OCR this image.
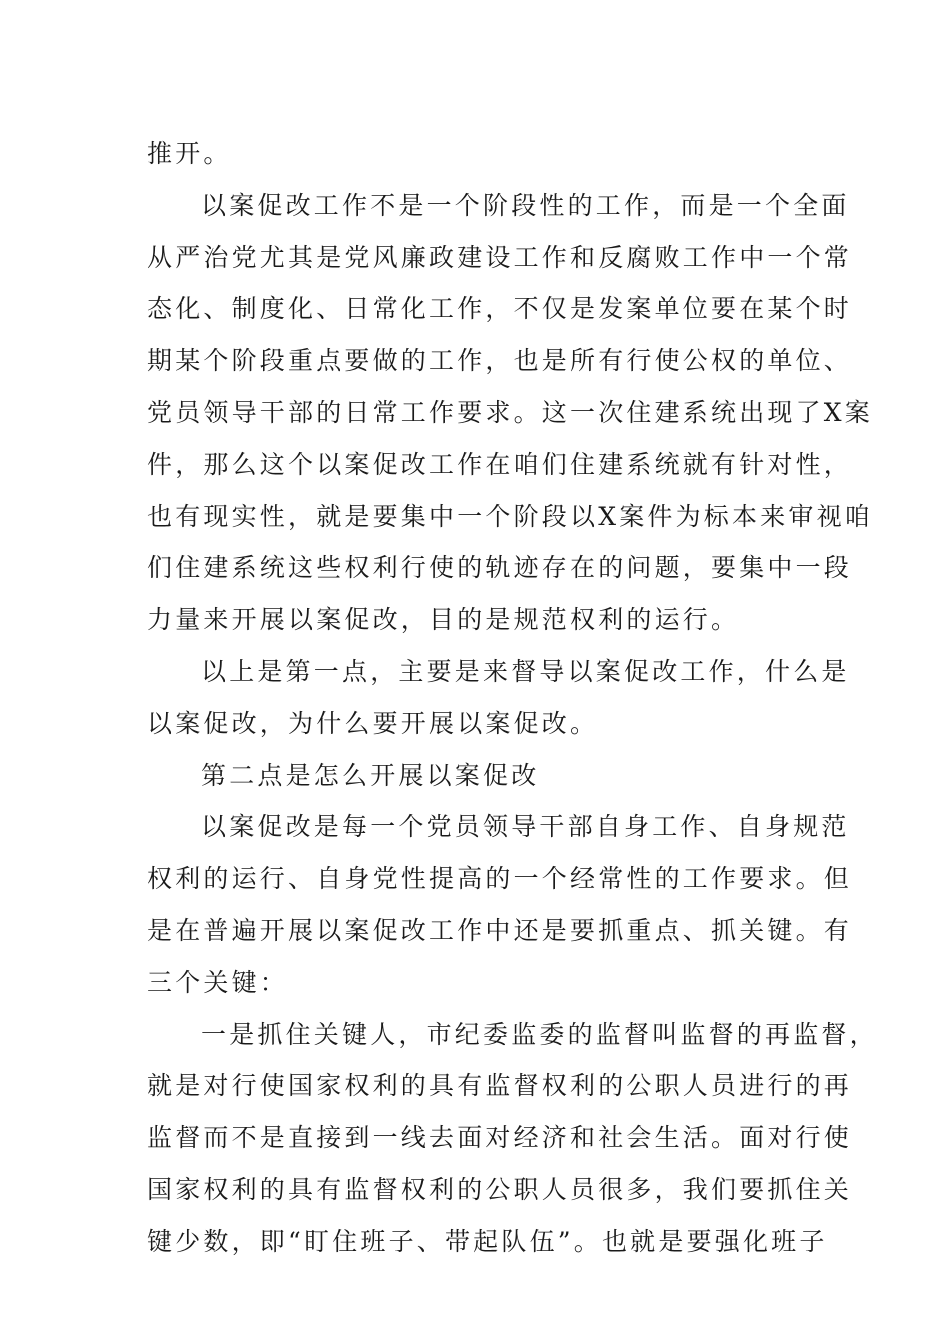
推开。
以案促改工作不是一个阶段性的工作，而是一个全面
从严治党尤其是党风廉政建设工作和反腐败工作中一个常
态化、制度化、日常化工作，不仅是发案单位要在某个时
期某个阶段重点要做的工作，也是所有行使公权的单位、
党员领导干部的日常工作要求。这一次住建系统出现了X案
件，那么这个以案促改工作在咱们住建系统就有针对性，
也有现实性，就是要集中一个阶段以X案件为标本来审视咱
们住建系统这些权利行使的轨迹存在的问题，要集中一段
力量来开展以案促改，目的是规范权利的运行。
以上是第一点，主要是来督导以案促改工作，什么是
以案促改，为什么要开展以案促改。
第二点是怎么开展以案促改
以案促改是每一个党员领导干部自身工作、自身规范
权利的运行、自身党性提高的一个经常性的工作要求。但
是在普遍开展以案促改工作中还是要抓重点、抓关键。有
三个关键：
一是抓住关键人，市纪委监委的监督叫监督的再监督，
就是对行使国家权利的具有监督权利的公职人员进行的再
监督而不是直接到一线去面对经济和社会生活。面对行使
国家权利的具有监督权利的公职人员很多，我们要抓住关
键少数，即“盯住班子、带起队伍”。也就是要强化班子
